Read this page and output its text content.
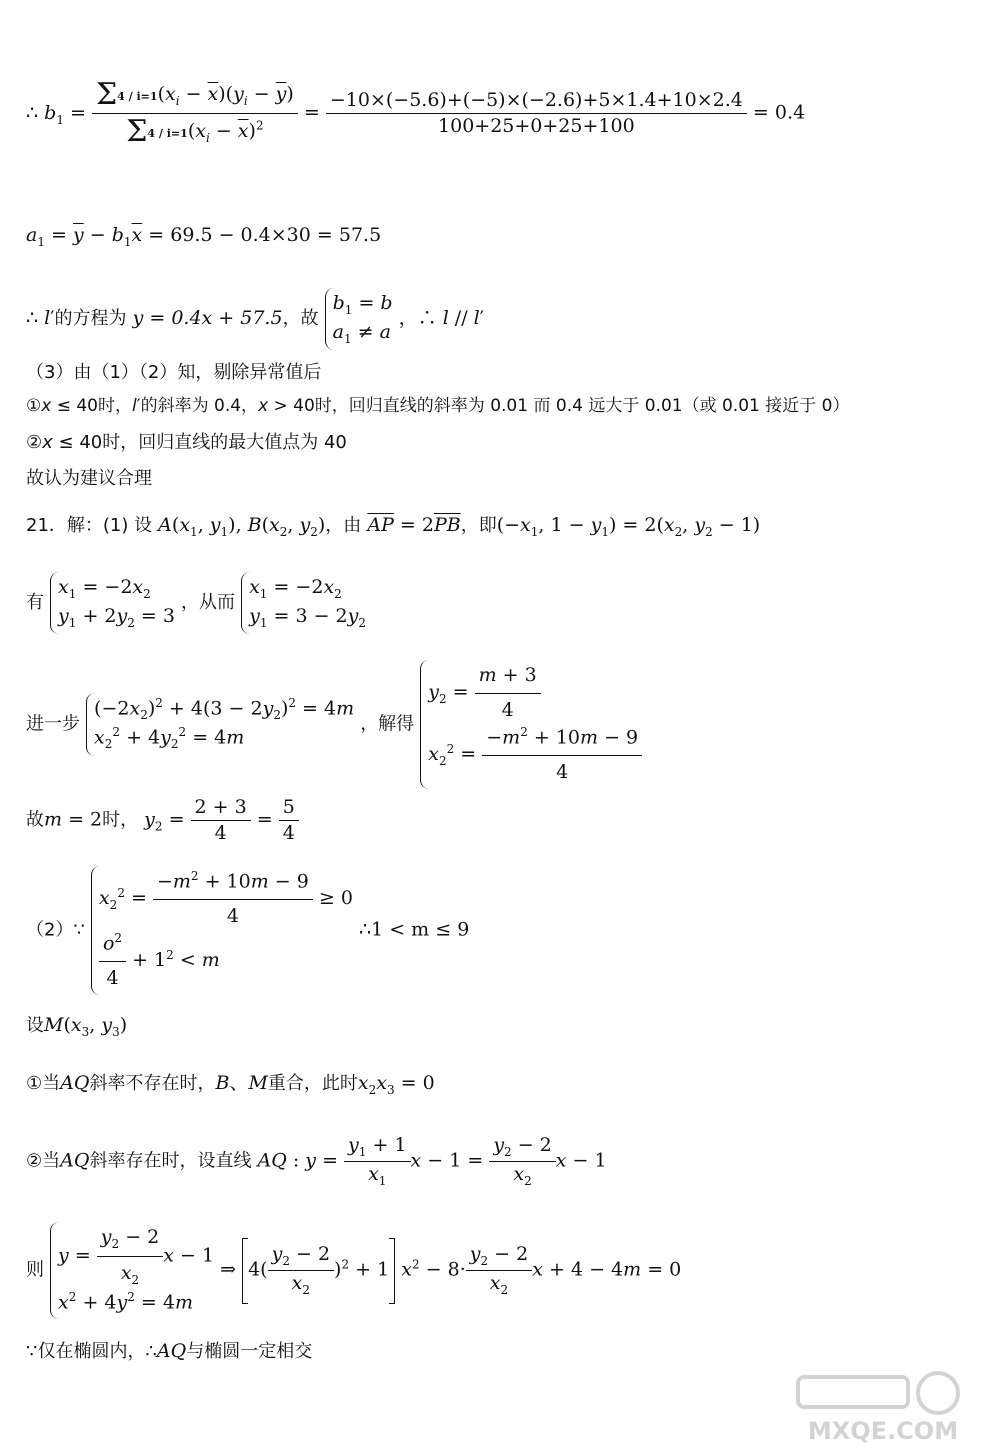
∴ $b_1 = \frac{\Sigma 4 / i=1(x_i - \overline{x})(y_i - \overline{y})}{\Sigma 4 / i=1(x_i - \overline{x})^2} = \frac{-10\times(-5.6)+(-5)\times(-2.6)+5\times 1.4+10\times 2.4}{100+25+0+25+100} = 0.4$
$a_1 = \overline{y} - b_1\overline{x} = 69.5 - 0.4\times 30 = 57.5$
∴ l′的方程为 y = 0.4x + 57.5，故
$b_1 = b$
$a_1 \ne a$
，∴ l // l′
（3）由（1）（2）知，剔除异常值后
①x ≤ 40时，l′的斜率为 0.4，x > 40时，回归直线的斜率为 0.01 而 0.4 远大于 0.01（或 0.01 接近于 0）
②x ≤ 40时，回归直线的最大值点为 40
故认为建议合理
21．解：(1) 设 $A(x_1$, $y_1$), $B(x_2$, $y_2$)，由 $\overline{AP} = 2\overline{PB}$，即($-x_1$, $1 - y_1) = 2(x_2$, $y_2 - 1$)
有
$x_1 = -2x_2$
$y_1 + 2y_2 = 3$
，从而
$x_1 = -2x_2$
$y_1 = 3 - 2y_2$
进一步
$(-2x_2)^2 + 4(3 - 2y_2)^2 = 4m$
$x_2^2 + 4y_2^2 = 4m$
，解得
$y_2 = \frac{m + 3}{4}$
$x_2^2 = \frac{-m^2 + 10m - 9}{4}$
故m = 2时， $y_2 = \frac{2 + 3}{4} = \frac{5}{4}$
（2）∵
$x_2^2 = \frac{-m^2 + 10m - 9}{4} \ge 0$
$\frac{o^2}{4} + 1^2 < m$
∴1 < m ≤ 9
设$M(x_3$, $y_3$)
①当AQ斜率不存在时，B、M重合，此时$x_2x_3 = 0$
②当AQ斜率存在时，设直线 AQ : $y = \frac{y_1 + 1}{x_1}$ $x - 1 = \frac{y_2 - 2}{x_2}$ x − 1
则
$y = \frac{y_2 - 2}{x_2}$ x − 1
$x^2 + 4y^2 = 4m$
⇒ $4( \frac{y_2 - 2}{x_2} )^2 + 1$ $x^2 - 8\cdot \frac{y_2 - 2}{x_2}$ x + 4 − 4m = 0
∵仅在椭圆内，∴AQ与椭圆一定相交
MXQE.COM
